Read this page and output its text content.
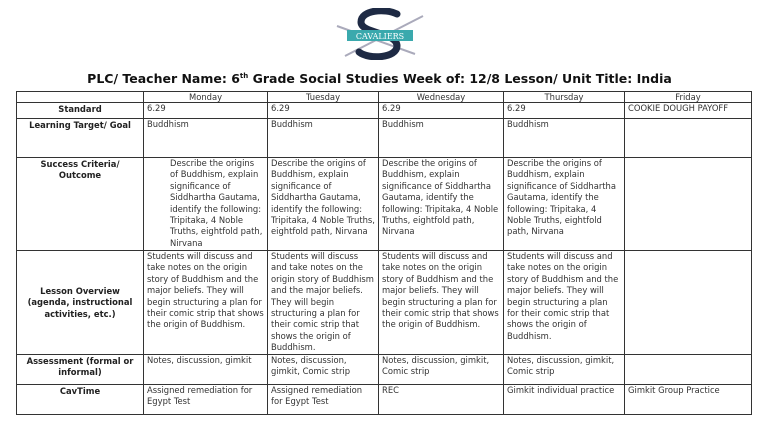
CAVALIERS
PLC/ Teacher Name: 6th Grade Social Studies Week of: 12/8 Lesson/ Unit Title: India
	Monday	Tuesday	Wednesday	Thursday	Friday
Standard	6.29	6.29	6.29	6.29	COOKIE DOUGH PAYOFF
Learning Target/ Goal	Buddhism	Buddhism	Buddhism	Buddhism	
Success Criteria/ Outcome	Describe the origins of Buddhism, explain significance of Siddhartha Gautama, identify the following: Tripitaka, 4 Noble Truths, eightfold path, Nirvana	Describe the origins of Buddhism, explain significance of Siddhartha Gautama, identify the following: Tripitaka, 4 Noble Truths, eightfold path, Nirvana	Describe the origins of Buddhism, explain significance of Siddhartha Gautama, identify the following: Tripitaka, 4 Noble Truths, eightfold path, Nirvana	Describe the origins of Buddhism, explain significance of Siddhartha Gautama, identify the following: Tripitaka, 4 Noble Truths, eightfold path, Nirvana	
Lesson Overview (agenda, instructional activities, etc.)	Students will discuss and take notes on the origin story of Buddhism and the major beliefs. They will begin structuring a plan for their comic strip that shows the origin of Buddhism.	Students will discuss and take notes on the origin story of Buddhism and the major beliefs. They will begin structuring a plan for their comic strip that shows the origin of Buddhism.	Students will discuss and take notes on the origin story of Buddhism and the major beliefs. They will begin structuring a plan for their comic strip that shows the origin of Buddhism.	Students will discuss and take notes on the origin story of Buddhism and the major beliefs. They will begin structuring a plan for their comic strip that shows the origin of Buddhism.	
Assessment (formal or informal)	Notes, discussion, gimkit	Notes, discussion, gimkit, Comic strip	Notes, discussion, gimkit, Comic strip	Notes, discussion, gimkit, Comic strip	
CavTime	Assigned remediation for Egypt Test	Assigned remediation for Egypt Test	REC	Gimkit individual practice	Gimkit Group Practice
